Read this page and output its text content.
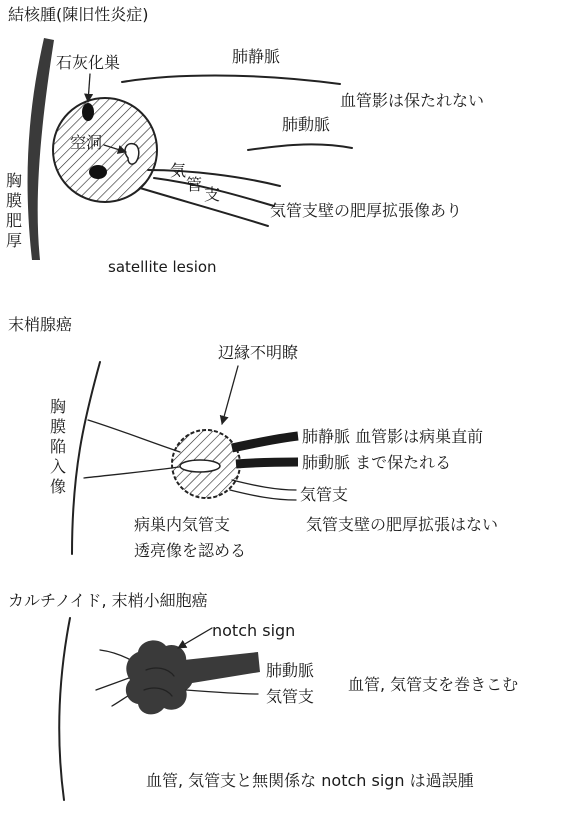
結核腫(陳旧性炎症)
胸
膜
肥
厚
石灰化巣
空洞
肺静脈
血管影は保たれない
肺動脈
気
管
支
気管支壁の肥厚拡張像あり
satellite lesion
末梢腺癌
辺縁不明瞭
胸
膜
陥
入
像
肺静脈 血管影は病巣直前
肺動脈 まで保たれる
気管支
病巣内気管支
透亮像を認める
気管支壁の肥厚拡張はない
カルチノイド, 末梢小細胞癌
notch sign
肺動脈
気管支
血管, 気管支を巻きこむ
血管, 気管支と無関係な notch sign は過誤腫
